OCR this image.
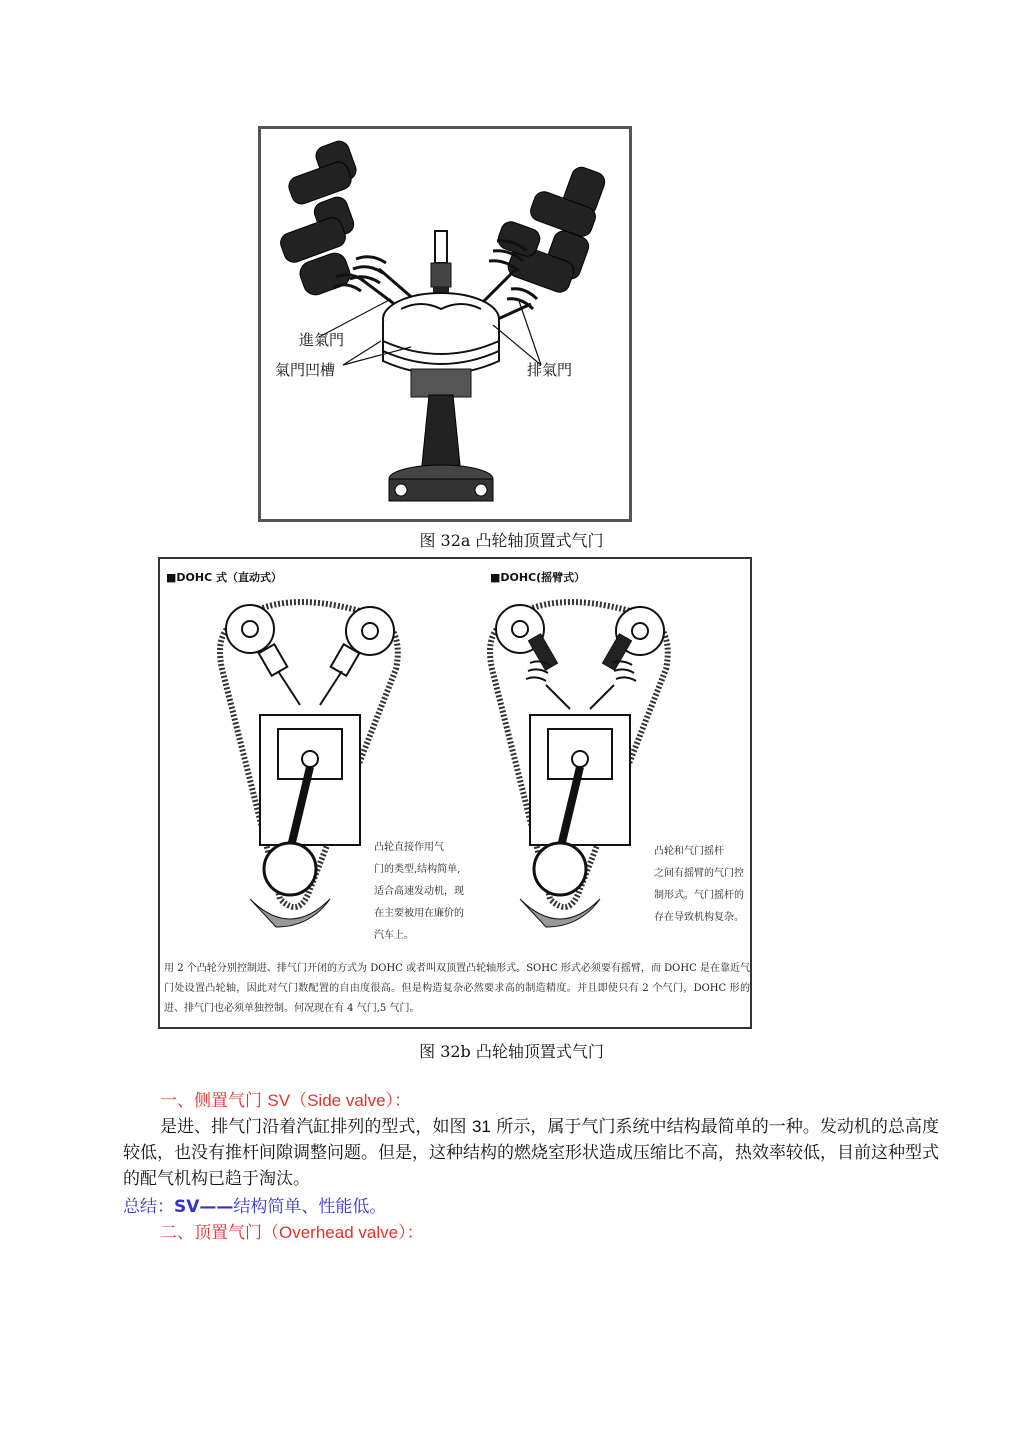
進氣門
氣門凹槽	排氣門
图 32a 凸轮轴顶置式气门
■DOHC 式（直动式）	■DOHC(摇臂式）
凸轮直接作用气
门的类型,结构简单,
适合高速发动机，现
在主要被用在廉价的
汽车上。
凸轮和气门摇杆
之间有摇臂的气门控
制形式。气门摇杆的
存在导致机构复杂。
用 2 个凸轮分别控制进、排气门开闭的方式为 DOHC 或者叫双顶置凸轮轴形式。SOHC 形式必须要有摇臂，而 DOHC 是在靠近气门处设置凸轮轴，因此对气门数配置的自由度很高。但是构造复杂必然要求高的制造精度。并且即使只有 2 个气门，DOHC 形的进、排气门也必须单独控制。何况现在有 4 气门,5 气门。
图 32b 凸轮轴顶置式气门
一、侧置气门 SV（Side valve）：
是进、排气门沿着汽缸排列的型式，如图 31 所示，属于气门系统中结构最简单的一种。发动机的总高度较低，也没有推杆间隙调整问题。但是，这种结构的燃烧室形状造成压缩比不高，热效率较低，目前这种型式的配气机构已趋于淘汰。
总结：SV——结构简单、性能低。
二、顶置气门（Overhead valve）：
